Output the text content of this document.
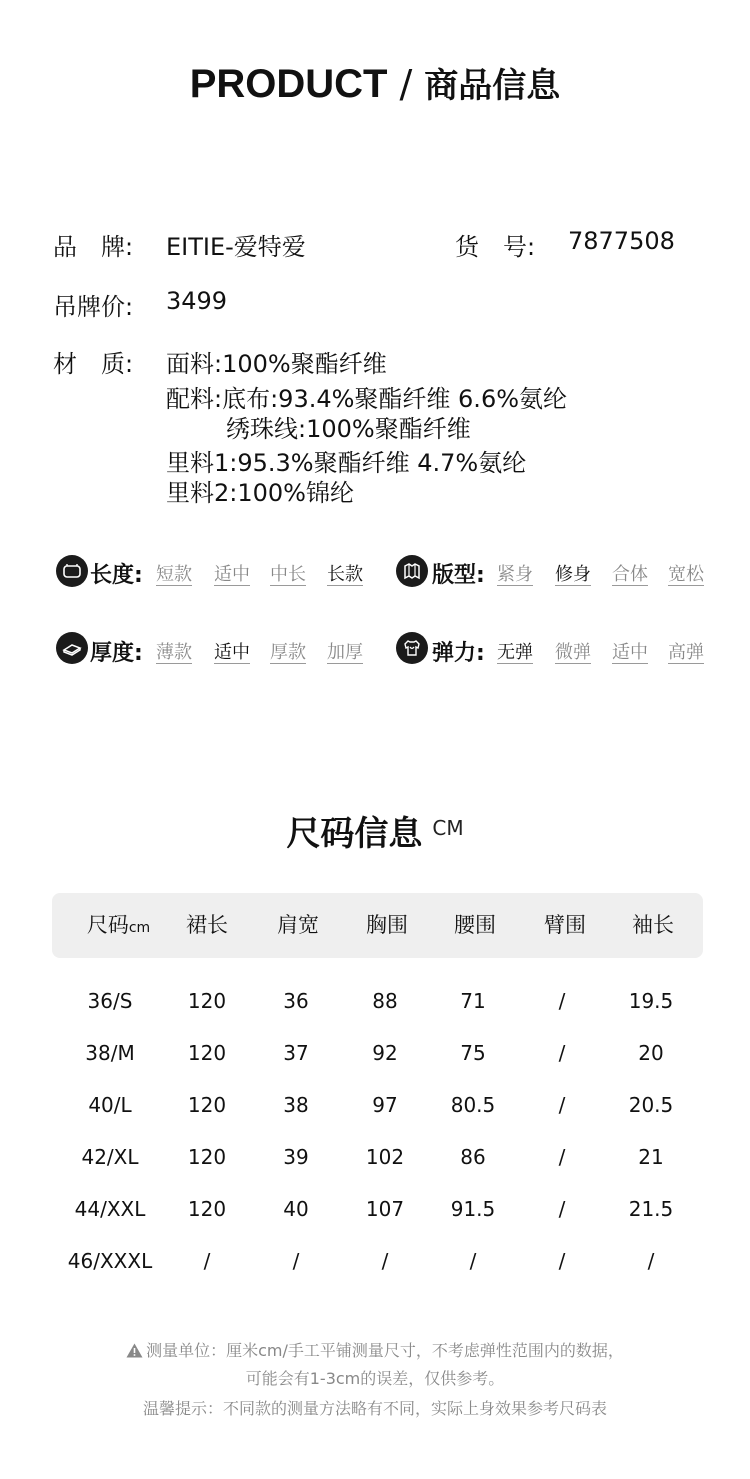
PRODUCT / 商品信息
品　牌: EITIE-爱特爱	货　号: 7877508
吊牌价: 3499
材　质: 面料:100%聚酯纤维
配料:底布:93.4%聚酯纤维 6.6%氨纶
绣珠线:100%聚酯纤维
里料1:95.3%聚酯纤维 4.7%氨纶
里料2:100%锦纶
长度: 短款 适中 中长 长款	版型: 紧身 修身 合体 宽松
厚度: 薄款 适中 厚款 加厚	弹力: 无弹 微弹 适中 高弹
尺码信息 CM
尺码cm	裙长	肩宽	胸围	腰围	臂围	袖长
36/S	120	36	88	71	/	19.5
38/M	120	37	92	75	/	20
40/L	120	38	97	80.5	/	20.5
42/XL	120	39	102	86	/	21
44/XXL	120	40	107	91.5	/	21.5
46/XXXL	/	/	/	/	/	/
测量单位：厘米cm/手工平铺测量尺寸，不考虑弹性范围内的数据，
可能会有1-3cm的误差，仅供参考。
温馨提示：不同款的测量方法略有不同，实际上身效果参考尺码表
